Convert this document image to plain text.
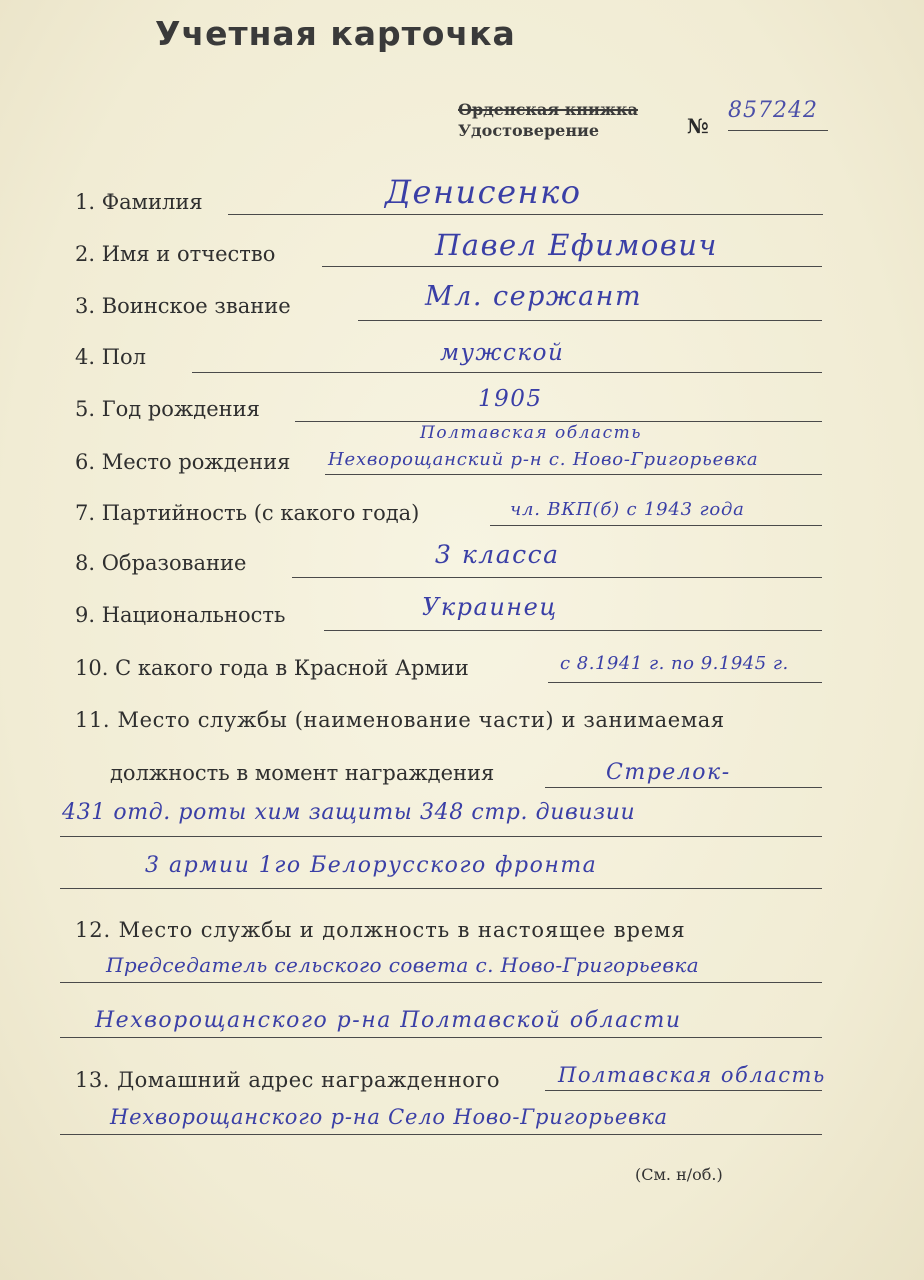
Учетная карточка
Орденская книжка
Удостоверение	№
857242
1. Фамилия	Дениcенко
2. Имя и отчество	Павел Ефимович
3. Воинское звание	Мл. сержант
4. Пол	мужской
5. Год рождения	1905
6. Место рождения
Полтавская область
Нехворощанский р-н с. Ново-Григорьевка
7. Партийность (с какого года)	чл. ВКП(б) с 1943 года
8. Образование	3 класса
9. Национальность	Украинец
10. С какого года в Красной Армии	с 8.1941 г. по 9.1945 г.
11. Место службы (наименование части) и занимаемая
должность в момент награждения	Стрелок-
431 отд. роты хим защиты 348 стр. дивизии
3 армии 1го Белорусского фронта
12. Место службы и должность в настоящее время
Председатель сельского совета с. Ново-Григорьевка
Нехворощанского р-на Полтавской области
13. Домашний адрес награжденного	Полтавская область
Нехворощанского р-на Село Ново-Григорьевка
(См. н/об.)
